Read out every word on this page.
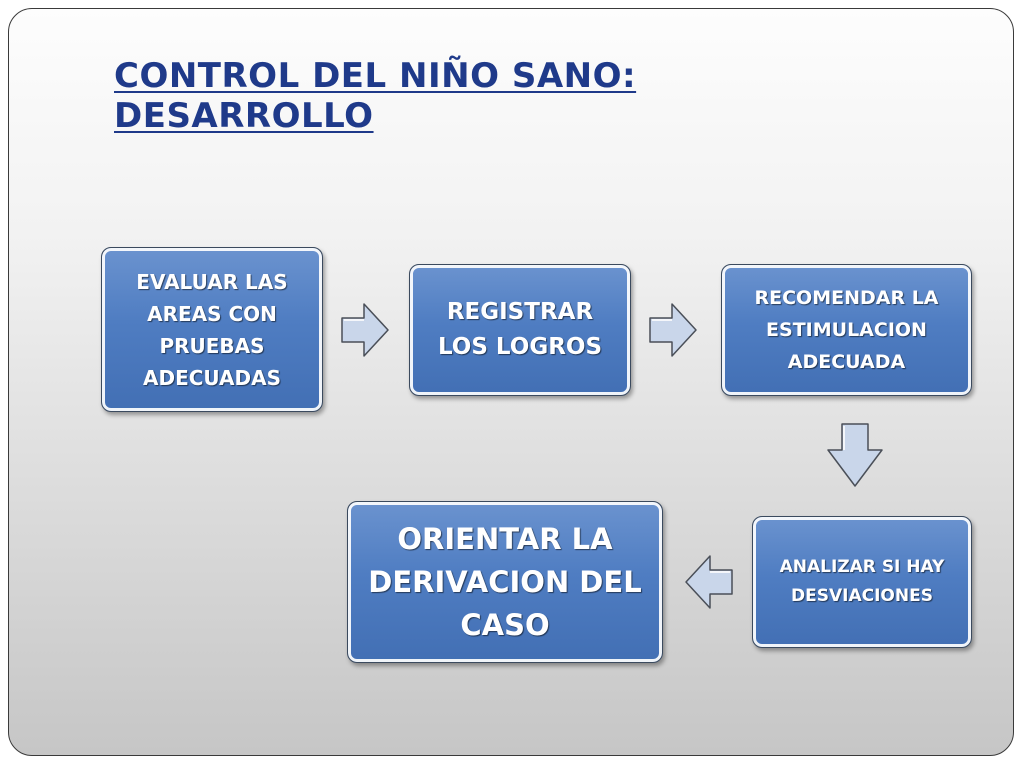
CONTROL DEL NIÑO SANO:
DESARROLLO
EVALUAR LAS AREAS CON PRUEBAS ADECUADAS
REGISTRAR LOS LOGROS
RECOMENDAR LA ESTIMULACION ADECUADA
ANALIZAR SI HAY DESVIACIONES
ORIENTAR LA DERIVACION DEL CASO
